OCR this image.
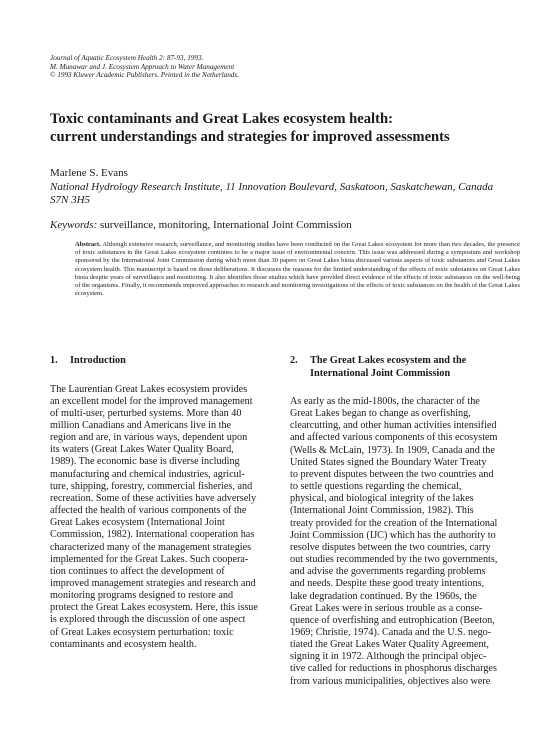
Journal of Aquatic Ecosystem Health 2: 87-93, 1993.
M. Munawar and J. Ecosystem Approach to Water Management
© 1993 Kluwer Academic Publishers. Printed in the Netherlands.
Toxic contaminants and Great Lakes ecosystem health:
current understandings and strategies for improved assessments
Marlene S. Evans
National Hydrology Research Institute, 11 Innovation Boulevard, Saskatoon, Saskatchewan, Canada
S7N 3H5
Keywords: surveillance, monitoring, International Joint Commission
Abstract. Although extensive research, surveillance, and monitoring studies have been conducted on the Great Lakes ecosystem for more than two decades, the presence of toxic substances in the Great Lakes ecosystem continues to be a major issue of environmental concern. This issue was addressed during a symposium and workshop sponsored by the International Joint Commission during which more than 30 papers on Great Lakes biota discussed various aspects of toxic substances and Great Lakes ecosystem health. This manuscript is based on those deliberations. It discusses the reasons for the limited understanding of the effects of toxic substances on Great Lakes biota despite years of surveillance and monitoring. It also identifies those studies which have provided direct evidence of the effects of toxic substances on the well-being of the organisms. Finally, it recommends improved approaches to research and monitoring investigations of the effects of toxic substances on the health of the Great Lakes ecosystem.
1. Introduction
The Laurentian Great Lakes ecosystem provides
an excellent model for the improved management
of multi-user, perturbed systems. More than 40
million Canadians and Americans live in the
region and are, in various ways, dependent upon
its waters (Great Lakes Water Quality Board,
1989). The economic base is diverse including
manufacturing and chemical industries, agricul-
ture, shipping, forestry, commercial fisheries, and
recreation. Some of these activities have adversely
affected the health of various components of the
Great Lakes ecosystem (International Joint
Commission, 1982). International cooperation has
characterized many of the management strategies
implemented for the Great Lakes. Such coopera-
tion continues to affect the development of
improved management strategies and research and
monitoring programs designed to restore and
protect the Great Lakes ecosystem. Here, this issue
is explored through the discussion of one aspect
of Great Lakes ecosystem perturbation: toxic
contaminants and ecosystem health.
2. The Great Lakes ecosystem and the
International Joint Commission
As early as the mid-1800s, the character of the
Great Lakes began to change as overfishing,
clearcutting, and other human activities intensified
and affected various components of this ecosystem
(Wells & McLain, 1973). In 1909, Canada and the
United States signed the Boundary Water Treaty
to prevent disputes between the two countries and
to settle questions regarding the chemical,
physical, and biological integrity of the lakes
(International Joint Commission, 1982). This
treaty provided for the creation of the International
Joint Commission (IJC) which has the authority to
resolve disputes between the two countries, carry
out studies recommended by the two governments,
and advise the governments regarding problems
and needs. Despite these good treaty intentions,
lake degradation continued. By the 1960s, the
Great Lakes were in serious trouble as a conse-
quence of overfishing and eutrophication (Beeton,
1969; Christie, 1974). Canada and the U.S. nego-
tiated the Great Lakes Water Quality Agreement,
signing it in 1972. Although the principal objec-
tive called for reductions in phosphorus discharges
from various municipalities, objectives also were
